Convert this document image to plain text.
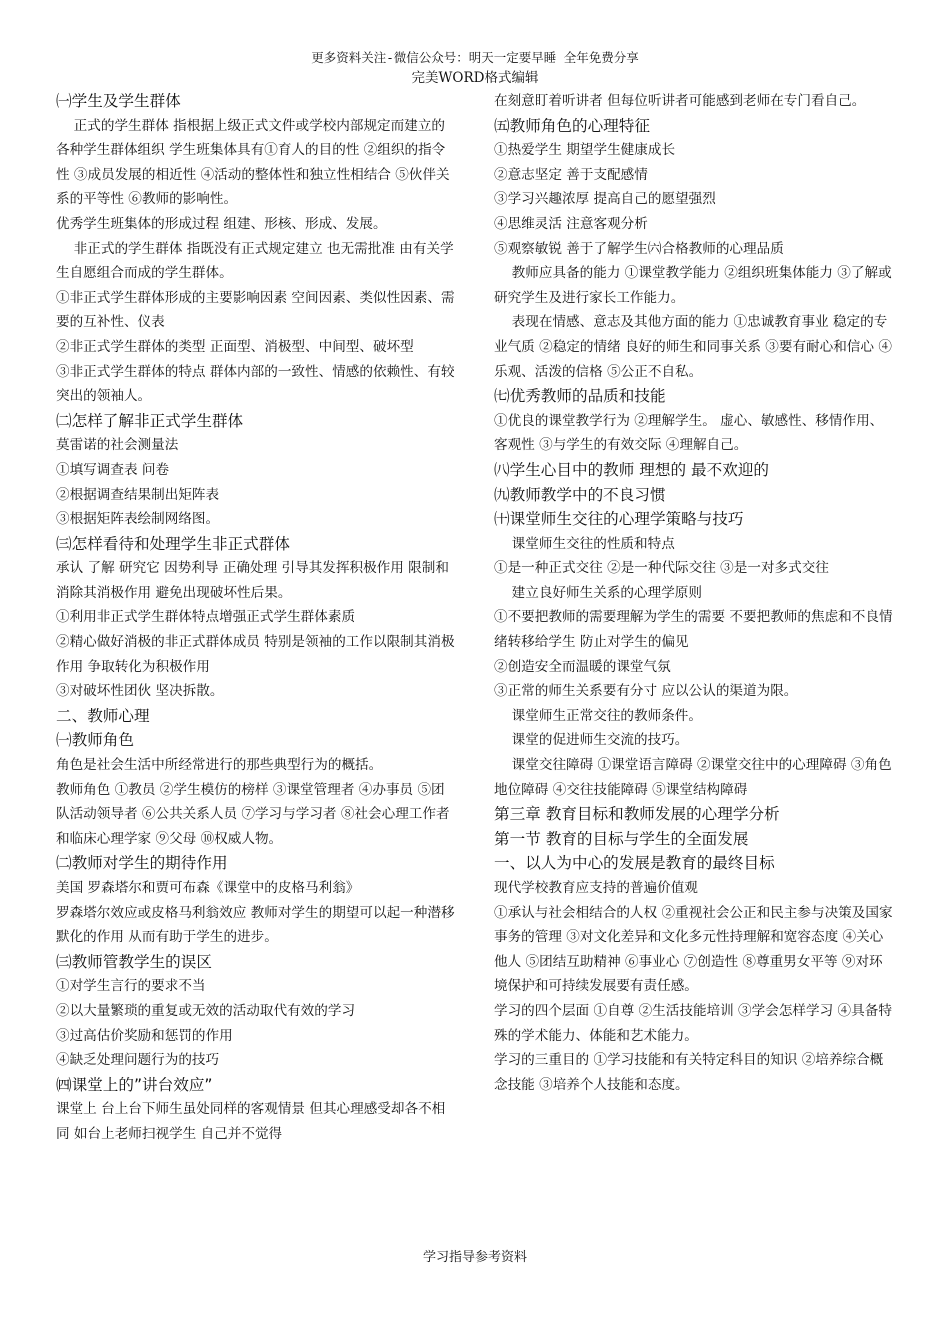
更多资料关注-微信公众号：明天一定要早睡 全年免费分享
完美WORD格式编辑

㈠学生及学生群体

正式的学生群体 指根据上级正式文件或学校内部规定而建立的各种学生群体组织 学生班集体具有①育人的目的性 ②组织的指令性 ③成员发展的相近性 ④活动的整体性和独立性相结合 ⑤伙伴关系的平等性 ⑥教师的影响性。

优秀学生班集体的形成过程 组建、形核、形成、发展。

非正式的学生群体 指既没有正式规定建立 也无需批准 由有关学生自愿组合而成的学生群体。

①非正式学生群体形成的主要影响因素 空间因素、类似性因素、需要的互补性、仪表

②非正式学生群体的类型 正面型、消极型、中间型、破坏型

③非正式学生群体的特点 群体内部的一致性、情感的依赖性、有较突出的领袖人。

㈡怎样了解非正式学生群体

莫雷诺的社会测量法

①填写调查表 问卷

②根据调查结果制出矩阵表

③根据矩阵表绘制网络图。

㈢怎样看待和处理学生非正式群体

承认 了解 研究它 因势利导 正确处理 引导其发挥积极作用 限制和消除其消极作用 避免出现破坏性后果。

①利用非正式学生群体特点增强正式学生群体素质

②精心做好消极的非正式群体成员 特别是领袖的工作以限制其消极作用 争取转化为积极作用

③对破坏性团伙 坚决拆散。

二、教师心理

㈠教师角色

角色是社会生活中所经常进行的那些典型行为的概括。

教师角色 ①教员 ②学生模仿的榜样 ③课堂管理者 ④办事员 ⑤团队活动领导者 ⑥公共关系人员 ⑦学习与学习者 ⑧社会心理工作者和临床心理学家 ⑨父母 ⑩权威人物。

㈡教师对学生的期待作用

美国 罗森塔尔和贾可布森《课堂中的皮格马利翁》

罗森塔尔效应或皮格马利翁效应 教师对学生的期望可以起一种潜移默化的作用 从而有助于学生的进步。

㈢教师管教学生的误区

①对学生言行的要求不当

②以大量繁琐的重复或无效的活动取代有效的学习

③过高估价奖励和惩罚的作用

④缺乏处理问题行为的技巧

㈣课堂上的”讲台效应”

课堂上 台上台下师生虽处同样的客观情景 但其心理感受却各不相同 如台上老师扫视学生 自己并不觉得

在刻意盯着听讲者 但每位听讲者可能感到老师在专门看自己。

㈤教师角色的心理特征

①热爱学生 期望学生健康成长

②意志坚定 善于支配感情

③学习兴趣浓厚 提高自己的愿望强烈

④思维灵活 注意客观分析

⑤观察敏锐 善于了解学生㈥合格教师的心理品质

教师应具备的能力 ①课堂教学能力 ②组织班集体能力 ③了解或研究学生及进行家长工作能力。

表现在情感、意志及其他方面的能力 ①忠诚教育事业 稳定的专业气质 ②稳定的情绪 良好的师生和同事关系 ③要有耐心和信心 ④乐观、活泼的信格 ⑤公正不自私。

㈦优秀教师的品质和技能

①优良的课堂教学行为 ②理解学生。 虚心、敏感性、移情作用、客观性 ③与学生的有效交际 ④理解自己。

㈧学生心目中的教师 理想的 最不欢迎的

㈨教师教学中的不良习惯

㈩课堂师生交往的心理学策略与技巧

课堂师生交往的性质和特点

①是一种正式交往 ②是一种代际交往 ③是一对多式交往

建立良好师生关系的心理学原则

①不要把教师的需要理解为学生的需要 不要把教师的焦虑和不良情绪转移给学生 防止对学生的偏见

②创造安全而温暖的课堂气氛

③正常的师生关系要有分寸 应以公认的渠道为限。

课堂师生正常交往的教师条件。

课堂的促进师生交流的技巧。

课堂交往障碍 ①课堂语言障碍 ②课堂交往中的心理障碍 ③角色地位障碍 ④交往技能障碍 ⑤课堂结构障碍

第三章 教育目标和教师发展的心理学分析

第一节 教育的目标与学生的全面发展

一、以人为中心的发展是教育的最终目标

现代学校教育应支持的普遍价值观

①承认与社会相结合的人权 ②重视社会公正和民主参与决策及国家事务的管理 ③对文化差异和文化多元性持理解和宽容态度 ④关心他人 ⑤团结互助精神 ⑥事业心 ⑦创造性 ⑧尊重男女平等 ⑨对环境保护和可持续发展要有责任感。

学习的四个层面 ①自尊 ②生活技能培训 ③学会怎样学习 ④具备特殊的学术能力、体能和艺术能力。

学习的三重目的 ①学习技能和有关特定科目的知识 ②培养综合概念技能 ③培养个人技能和态度。

学习指导参考资料
